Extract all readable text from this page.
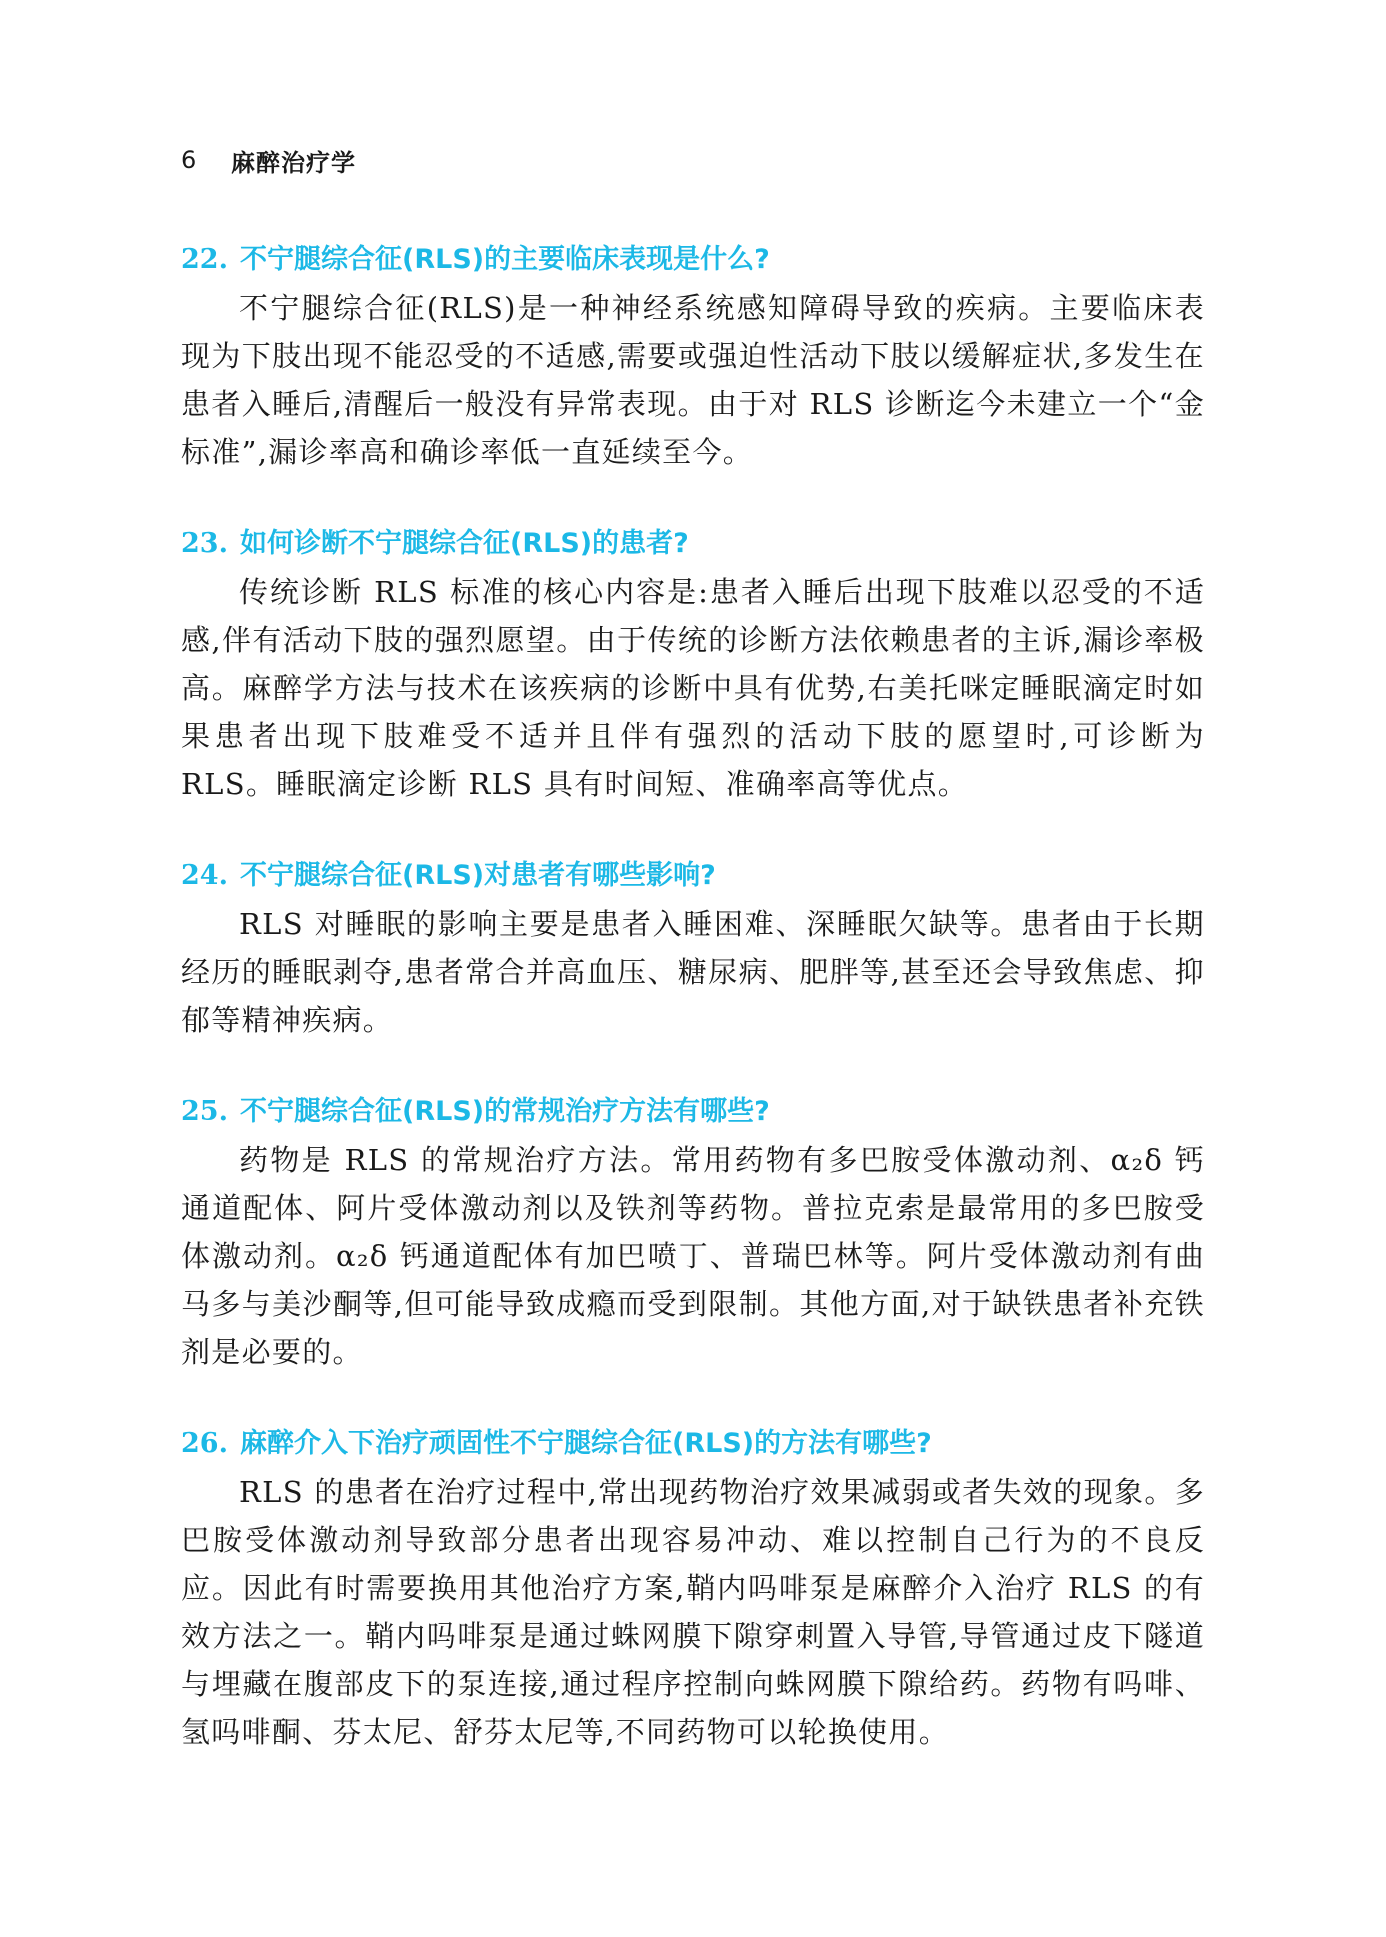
6	麻醉治疗学
22. 不宁腿综合征(RLS)的主要临床表现是什么?

不宁腿综合征(RLS)是一种神经系统感知障碍导致的疾病。主要临床表现为下肢出现不能忍受的不适感,需要或强迫性活动下肢以缓解症状,多发生在患者入睡后,清醒后一般没有异常表现。由于对 RLS 诊断迄今未建立一个“金标准”,漏诊率高和确诊率低一直延续至今。

23. 如何诊断不宁腿综合征(RLS)的患者?

传统诊断 RLS 标准的核心内容是:患者入睡后出现下肢难以忍受的不适感,伴有活动下肢的强烈愿望。由于传统的诊断方法依赖患者的主诉,漏诊率极高。麻醉学方法与技术在该疾病的诊断中具有优势,右美托咪定睡眠滴定时如果患者出现下肢难受不适并且伴有强烈的活动下肢的愿望时,可诊断为 RLS。睡眠滴定诊断 RLS 具有时间短、准确率高等优点。

24. 不宁腿综合征(RLS)对患者有哪些影响?

RLS 对睡眠的影响主要是患者入睡困难、深睡眠欠缺等。患者由于长期经历的睡眠剥夺,患者常合并高血压、糖尿病、肥胖等,甚至还会导致焦虑、抑郁等精神疾病。

25. 不宁腿综合征(RLS)的常规治疗方法有哪些?

药物是 RLS 的常规治疗方法。常用药物有多巴胺受体激动剂、α₂δ 钙通道配体、阿片受体激动剂以及铁剂等药物。普拉克索是最常用的多巴胺受体激动剂。α₂δ 钙通道配体有加巴喷丁、普瑞巴林等。阿片受体激动剂有曲马多与美沙酮等,但可能导致成瘾而受到限制。其他方面,对于缺铁患者补充铁剂是必要的。

26. 麻醉介入下治疗顽固性不宁腿综合征(RLS)的方法有哪些?

RLS 的患者在治疗过程中,常出现药物治疗效果减弱或者失效的现象。多巴胺受体激动剂导致部分患者出现容易冲动、难以控制自己行为的不良反应。因此有时需要换用其他治疗方案,鞘内吗啡泵是麻醉介入治疗 RLS 的有效方法之一。鞘内吗啡泵是通过蛛网膜下隙穿刺置入导管,导管通过皮下隧道与埋藏在腹部皮下的泵连接,通过程序控制向蛛网膜下隙给药。药物有吗啡、氢吗啡酮、芬太尼、舒芬太尼等,不同药物可以轮换使用。
